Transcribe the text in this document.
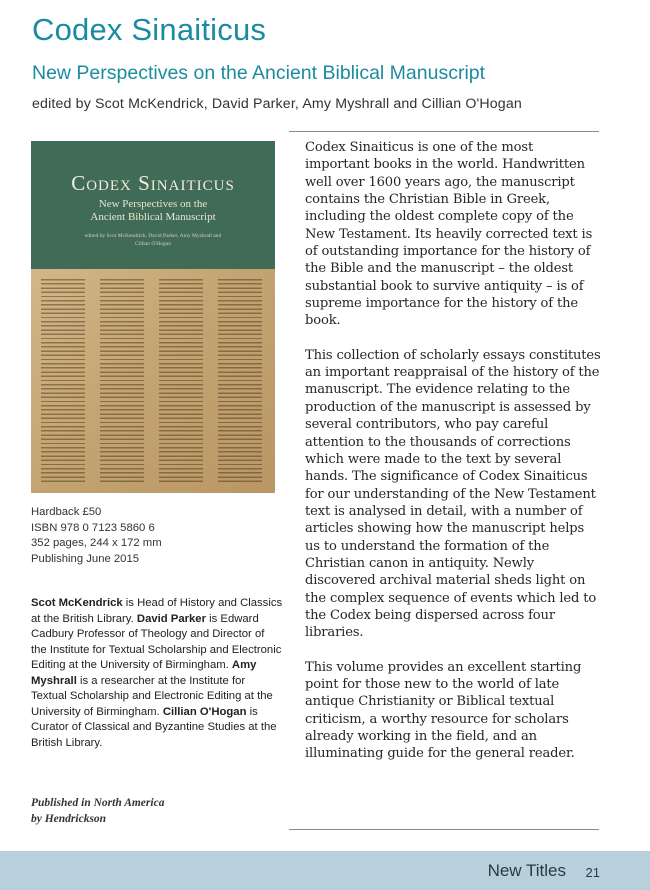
Codex Sinaiticus
New Perspectives on the Ancient Biblical Manuscript

edited by Scot McKendrick, David Parker, Amy Myshrall and Cillian O'Hogan

Codex Sinaiticus
New Perspectives on the
Ancient Biblical Manuscript
edited by Scot McKendrick, David Parker, Amy Myshrall and Cillian O'Hogan
Hardback £50
ISBN 978 0 7123 5860 6
352 pages, 244 x 172 mm
Publishing June 2015
Scot McKendrick is Head of History and Classics at the British Library. David Parker is Edward Cadbury Professor of Theology and Director of the Institute for Textual Scholarship and Electronic Editing at the University of Birmingham. Amy Myshrall is a researcher at the Institute for Textual Scholarship and Electronic Editing at the University of Birmingham. Cillian O'Hogan is Curator of Classical and Byzantine Studies at the British Library.
Published in North America
by Hendrickson

Codex Sinaiticus is one of the most important books in the world. Handwritten well over 1600 years ago, the manuscript contains the Christian Bible in Greek, including the oldest complete copy of the New Testament. Its heavily corrected text is of outstanding importance for the history of the Bible and the manuscript – the oldest substantial book to survive antiquity – is of supreme importance for the history of the book.

This collection of scholarly essays constitutes an important reappraisal of the history of the manuscript. The evidence relating to the production of the manuscript is assessed by several contributors, who pay careful attention to the thousands of corrections which were made to the text by several hands. The significance of Codex Sinaiticus for our understanding of the New Testament text is analysed in detail, with a number of articles showing how the manuscript helps us to understand the formation of the Christian canon in antiquity. Newly discovered archival material sheds light on the complex sequence of events which led to the Codex being dispersed across four libraries.

This volume provides an excellent starting point for those new to the world of late antique Christianity or Biblical textual criticism, a worthy resource for scholars already working in the field, and an illuminating guide for the general reader.

New Titles 21
